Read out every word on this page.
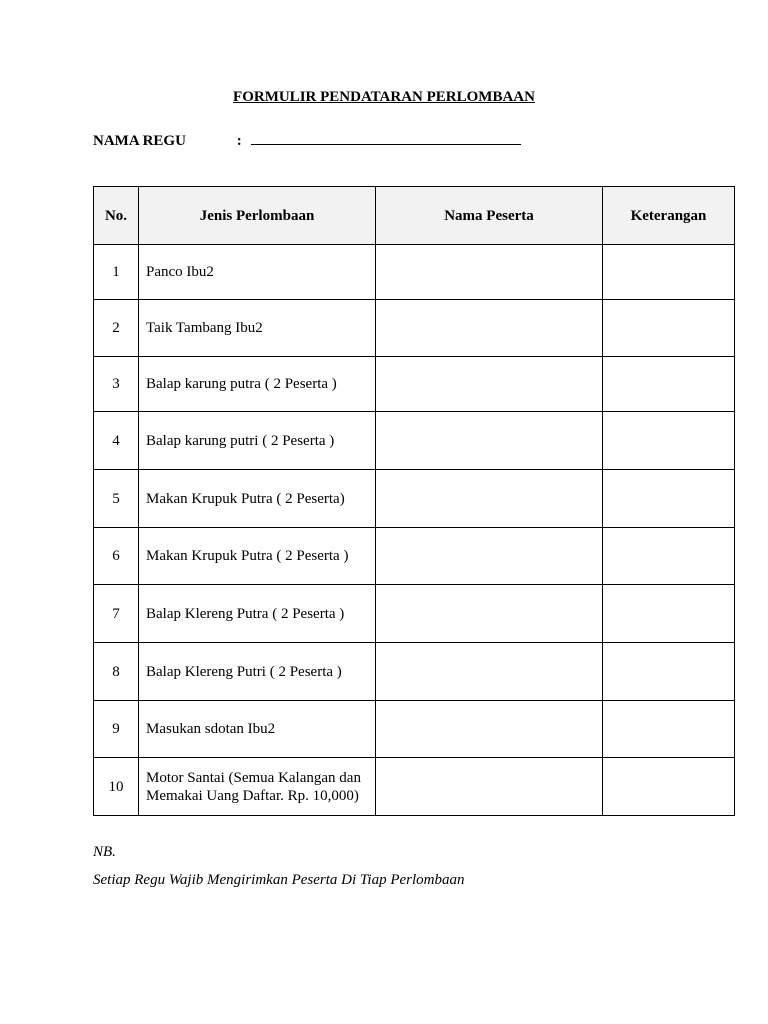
FORMULIR PENDATARAN PERLOMBAAN
NAMA REGU	:
No.	Jenis Perlombaan	Nama Peserta	Keterangan
1	Panco Ibu2		
2	Taik Tambang Ibu2		
3	Balap karung putra ( 2 Peserta )		
4	Balap karung putri ( 2 Peserta )		
5	Makan Krupuk Putra ( 2 Peserta)		
6	Makan Krupuk Putra ( 2 Peserta )		
7	Balap Klereng Putra ( 2 Peserta )		
8	Balap Klereng Putri ( 2 Peserta )		
9	Masukan sdotan Ibu2		
10	Motor Santai (Semua Kalangan dan Memakai Uang Daftar. Rp. 10,000)		
NB.
Setiap Regu Wajib Mengirimkan Peserta Di Tiap Perlombaan
